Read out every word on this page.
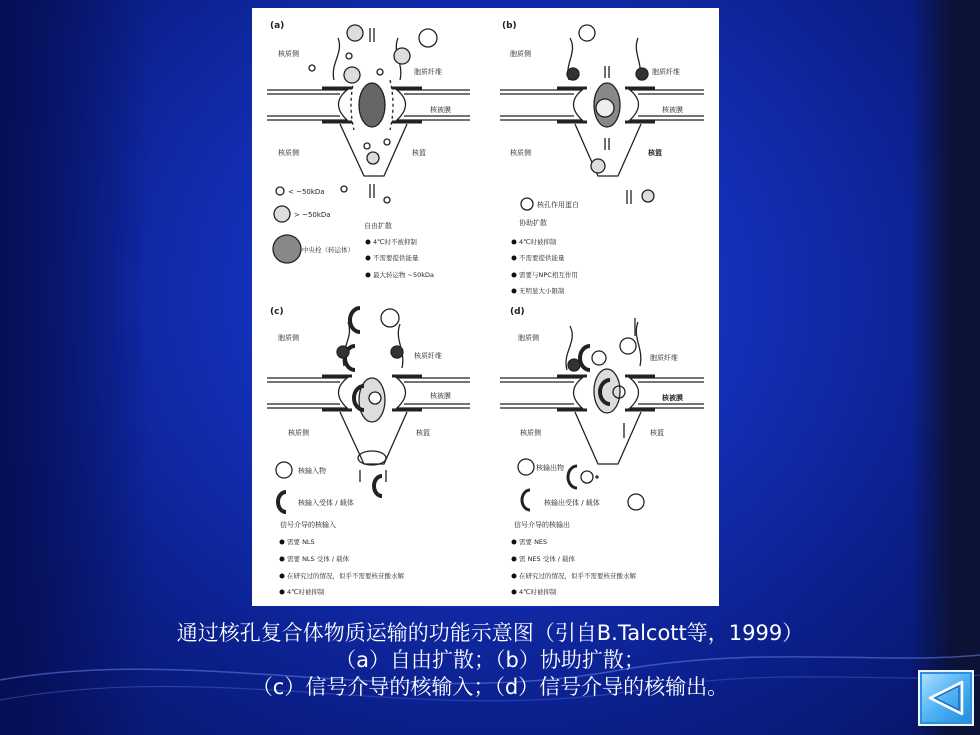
(a)
核质侧
胞质纤维
核被膜
核质侧	核篮
< ~50kDa
> ~50kDa
中央栓（转运体）
自由扩散
4℃时不被抑制
不需要提供能量
最大转运物 ~50kDa
(b)
胞质侧
胞质纤维
核被膜
核质侧	核篮
核孔作用蛋白
协助扩散
4℃时被抑制
不需要提供能量
需要与NPC相互作用
无明显大小限制
(c)
胞质侧
核质纤维
核被膜
核质侧	核篮
核输入物
核输入受体 / 载体
信号介导的核输入
需要 NLS
需要 NLS 受体 / 载体
在研究过的情况，似乎不需要核苷酸水解
4℃时被抑制
(d)
胞质侧
胞质纤维
核被膜
核质侧	核篮
核输出物
核输出受体 / 载体
信号介导的核输出
需要 NES
需 NES 受体 / 载体
在研究过的情况，似乎不需要核苷酸水解
4℃时被抑制
通过核孔复合体物质运输的功能示意图（引自B.Talcott等，1999）
（a）自由扩散；（b）协助扩散；
（c）信号介导的核输入；（d）信号介导的核输出。
